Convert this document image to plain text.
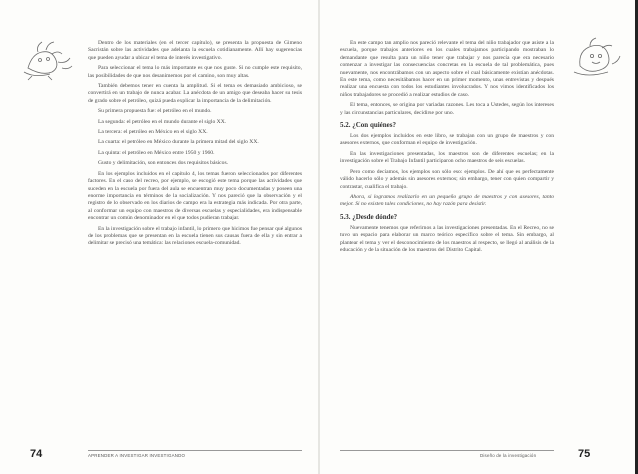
Dentro de los materiales (en el tercer capítulo), se presenta la propuesta de Gimeno Sacristán sobre las actividades que adelanta la escuela cotidianamente. Allí hay sugerencias que pueden ayudar a ubicar el tema de interés investigativo.

Para seleccionar el tema lo más importante es que nos guste. Si no cumple este requisito, las posibilidades de que nos desanimemos por el camino, son muy altas.

También debemos tener en cuenta la amplitud. Si el tema es demasiado ambicioso, se convertirá en un trabajo de nunca acabar. La anécdota de un amigo que deseaba hacer su tesis de grado sobre el petróleo, quizá pueda explicar la importancia de la delimitación.

Su primera propuesta fue: el petróleo en el mundo.

La segunda: el petróleo en el mundo durante el siglo XX.

La tercera: el petróleo en México en el siglo XX.

La cuarta: el petróleo en México durante la primera mitad del siglo XX.

La quinta: el petróleo en México entre 1950 y 1960.

Gusto y delimitación, son entonces dos requisitos básicos.

En los ejemplos incluidos en el capítulo 4, los temas fueron seleccionados por diferentes factores. En el caso del recreo, por ejemplo, se escogió este tema porque las actividades que suceden en la escuela por fuera del aula se encuentran muy poco documentadas y poseen una enorme importancia en términos de la socialización. Y nos pareció que la observación y el registro de lo observado en los diarios de campo era la estrategia más indicada. Por otra parte, al conformar un equipo con maestros de diversas escuelas y especialidades, era indispensable encontrar un común denominador en el que todos pudieran trabajar.

En la investigación sobre el trabajo infantil, lo primero que hicimos fue pensar qué algunos de los problemas que se presentan en la escuela tienen sus causas fuera de ella y sin entrar a delimitar se precisó una temática: las relaciones escuela-comunidad.

74	APRENDER A INVESTIGAR INVESTIGANDO

En este campo tan amplio nos pareció relevante el tema del niño trabajador que asiste a la escuela, porque trabajos anteriores en los cuales trabajamos participando mostraban lo demandante que resulta para un niño tener que trabajar y nos parecía que era necesario comenzar a investigar las consecuencias concretas en la escuela de tal problemática, pues nuevamente, nos encontrábamos con un aspecto sobre el cual básicamente existían anécdotas. En este tema, como necesitábamos hacer en un primer momento, unas entrevistas y después realizar una encuesta con todos los estudiantes involucrados. Y nos vimos identificados los niños trabajadores se procedió a realizar estudios de caso.

El tema, entonces, se origina por variadas razones. Les toca a Ustedes, según los intereses y las circunstancias particulares, decidirse por uno.

5.2. ¿Con quiénes?

Los dos ejemplos incluidos en este libro, se trabajan con un grupo de maestros y con asesores externos, que conforman el equipo de investigación.

En las investigaciones presentadas, los maestros son de diferentes escuelas; en la investigación sobre el Trabajo Infantil participaron ocho maestros de seis escuelas.

Pero como decíamos, los ejemplos son sólo eso: ejemplos. De ahí que es perfectamente válido hacerlo sólo y además sin asesores externos; sin embargo, tener con quien compartir y contrastar, cualifica el trabajo.

Ahora, si logramos realizarlo en un pequeño grupo de maestros y con asesores, tanto mejor. Si no existen tales condiciones, no hay razón para desistir.

5.3. ¿Desde dónde?

Nuevamente tenemos que referirnos a las investigaciones presentadas. En el Recreo, no se tuvo un espacio para elaborar un marco teórico específico sobre el tema. Sin embargo, al plantear el tema y ver el desconocimiento de los maestros al respecto, se llegó al análisis de la educación y de la situación de los maestros del Distrito Capital.

75
Diseño de la investigación
